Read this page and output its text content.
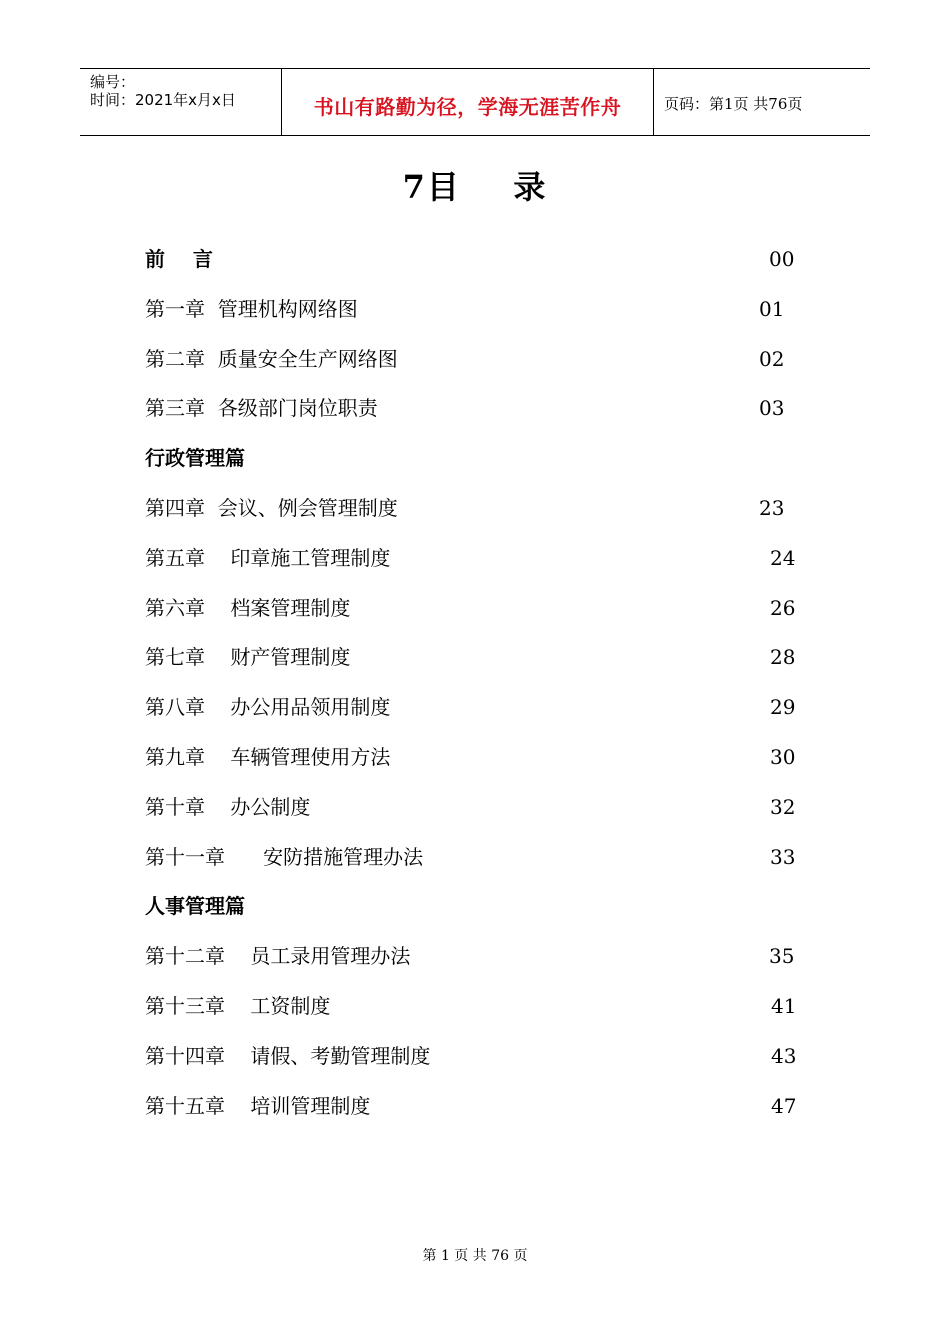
编号：
时间：2021年x月x日	书山有路勤为径，学海无涯苦作舟	页码：第1页 共76页
7目    录
前    言	00
第一章  管理机构网络图	01
第二章  质量安全生产网络图	02
第三章  各级部门岗位职责	03
行政管理篇
第四章  会议、例会管理制度	23
第五章    印章施工管理制度	24
第六章    档案管理制度	26
第七章    财产管理制度	28
第八章    办公用品领用制度	29
第九章    车辆管理使用方法	30
第十章    办公制度	32
第十一章      安防措施管理办法	33
人事管理篇
第十二章    员工录用管理办法	35
第十三章    工资制度	41
第十四章    请假、考勤管理制度	43
第十五章    培训管理制度	47
第 1 页 共 76 页
